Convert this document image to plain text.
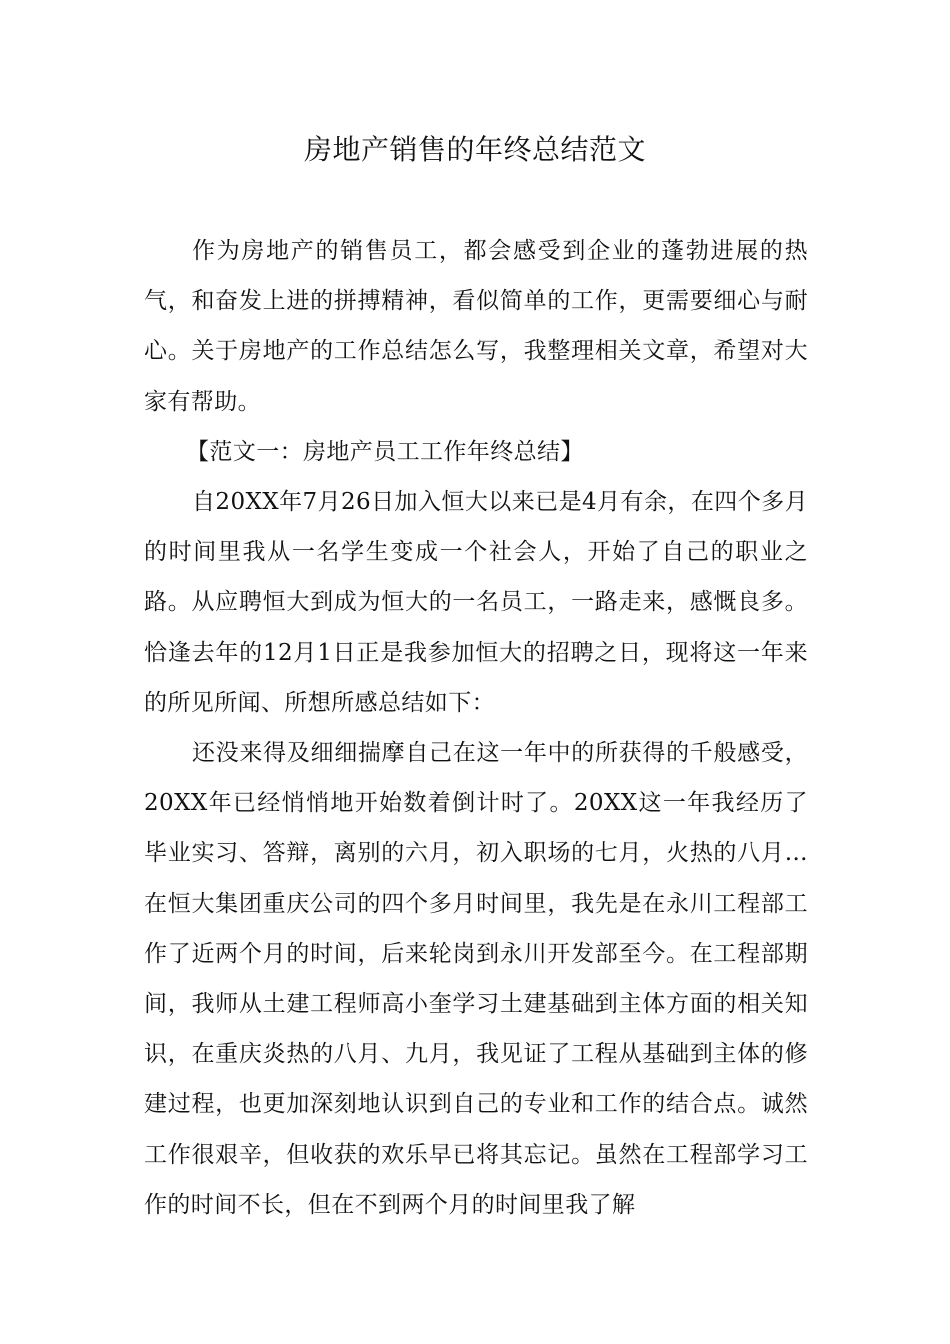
房地产销售的年终总结范文

作为房地产的销售员工，都会感受到企业的蓬勃进展的热气，和奋发上进的拼搏精神，看似简单的工作，更需要细心与耐心。关于房地产的工作总结怎么写，我整理相关文章，希望对大家有帮助。

【范文一：房地产员工工作年终总结】

自20XX年7月26日加入恒大以来已是4月有余，在四个多月的时间里我从一名学生变成一个社会人，开始了自己的职业之路。从应聘恒大到成为恒大的一名员工，一路走来，感慨良多。恰逢去年的12月1日正是我参加恒大的招聘之日，现将这一年来的所见所闻、所想所感总结如下：

还没来得及细细揣摩自己在这一年中的所获得的千般感受，20XX年已经悄悄地开始数着倒计时了。20XX这一年我经历了毕业实习、答辩，离别的六月，初入职场的七月，火热的八月…在恒大集团重庆公司的四个多月时间里，我先是在永川工程部工作了近两个月的时间，后来轮岗到永川开发部至今。在工程部期间，我师从土建工程师高小奎学习土建基础到主体方面的相关知识，在重庆炎热的八月、九月，我见证了工程从基础到主体的修建过程，也更加深刻地认识到自己的专业和工作的结合点。诚然工作很艰辛，但收获的欢乐早已将其忘记。虽然在工程部学习工作的时间不长，但在不到两个月的时间里我了解
